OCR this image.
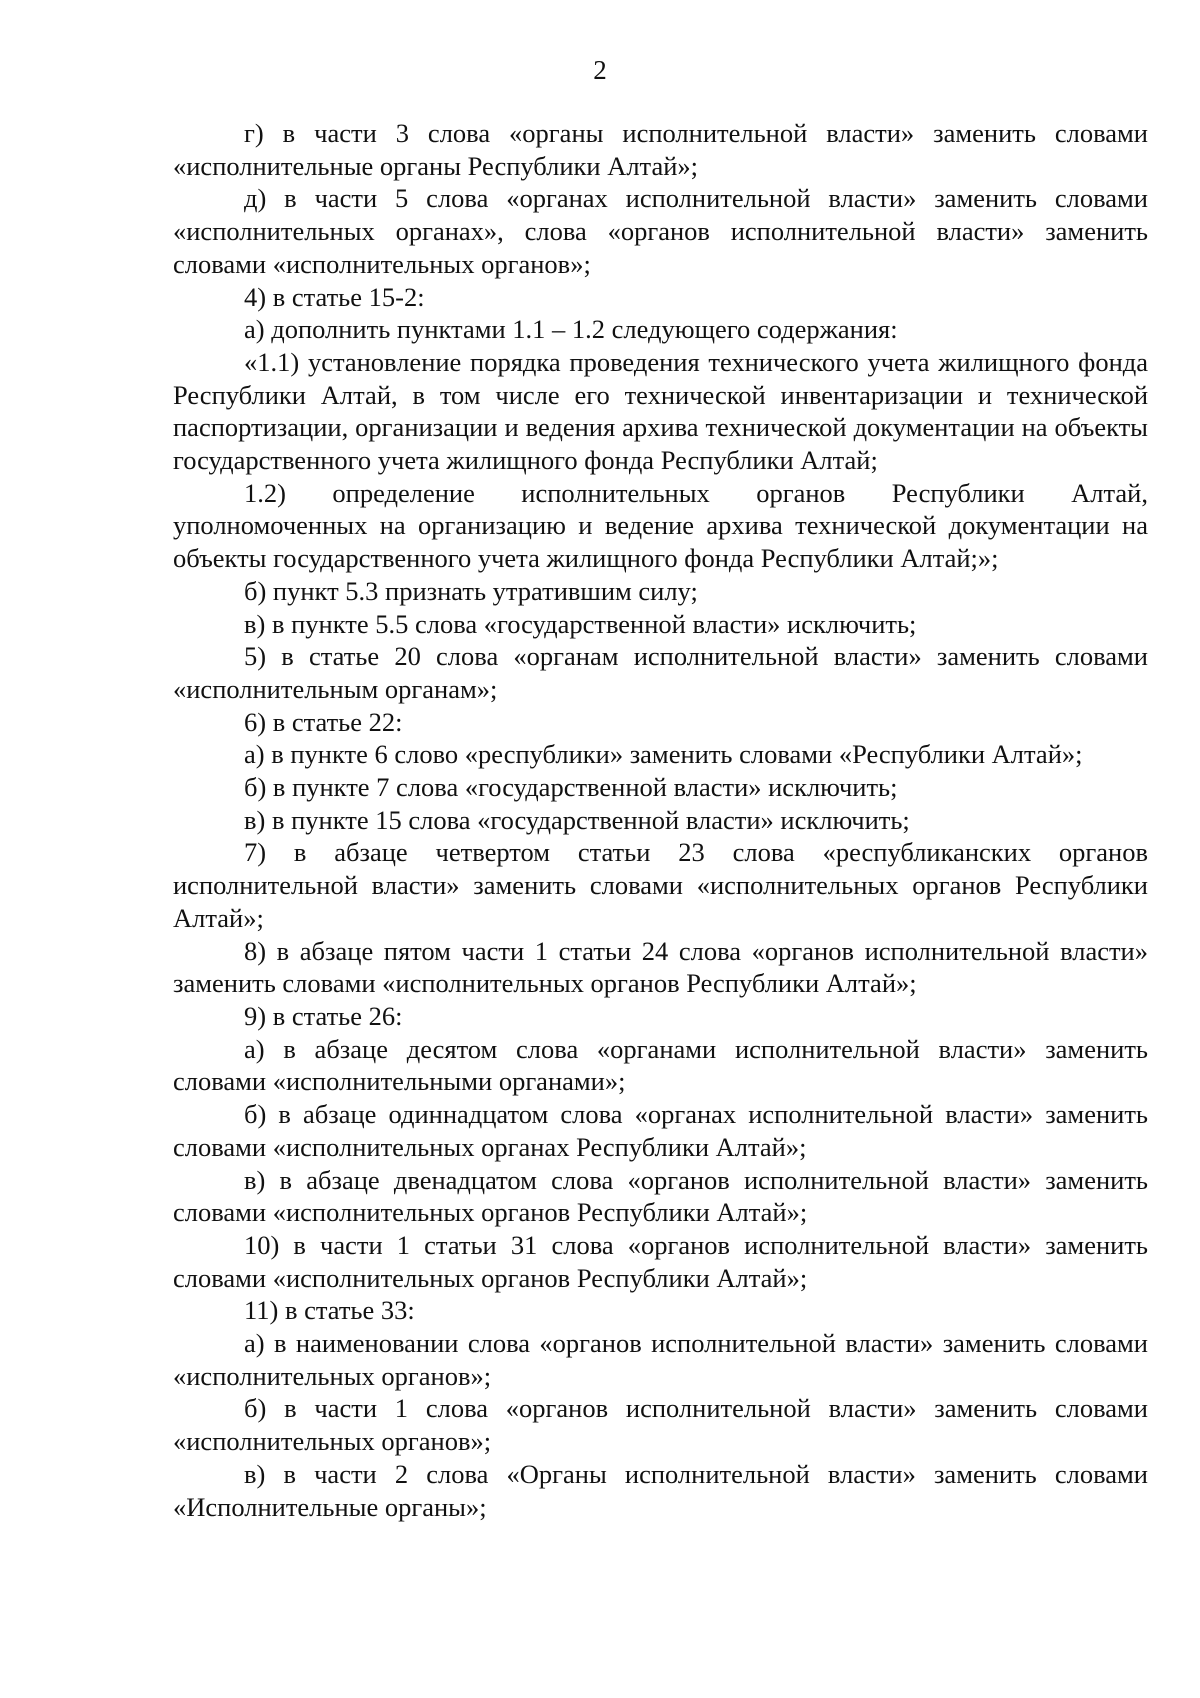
2

г) в части 3 слова «органы исполнительной власти» заменить словами «исполнительные органы Республики Алтай»;

д) в части 5 слова «органах исполнительной власти» заменить словами «исполнительных органах», слова «органов исполнительной власти» заменить словами «исполнительных органов»;

4) в статье 15-2:

а) дополнить пунктами 1.1 – 1.2 следующего содержания:

«1.1) установление порядка проведения технического учета жилищного фонда Республики Алтай, в том числе его технической инвентаризации и технической паспортизации, организации и ведения архива технической документации на объекты государственного учета жилищного фонда Республики Алтай;

1.2) определение исполнительных органов Республики Алтай, уполномоченных на организацию и ведение архива технической документации на объекты государственного учета жилищного фонда Республики Алтай;»;

б) пункт 5.3 признать утратившим силу;

в) в пункте 5.5 слова «государственной власти» исключить;

5) в статье 20 слова «органам исполнительной власти» заменить словами «исполнительным органам»;

6) в статье 22:

а) в пункте 6 слово «республики» заменить словами «Республики Алтай»;

б) в пункте 7 слова «государственной власти» исключить;

в) в пункте 15 слова «государственной власти» исключить;

7) в абзаце четвертом статьи 23 слова «республиканских органов исполнительной власти» заменить словами «исполнительных органов Республики Алтай»;

8) в абзаце пятом части 1 статьи 24 слова «органов исполнительной власти» заменить словами «исполнительных органов Республики Алтай»;

9) в статье 26:

а) в абзаце десятом слова «органами исполнительной власти» заменить словами «исполнительными органами»;

б) в абзаце одиннадцатом слова «органах исполнительной власти» заменить словами «исполнительных органах Республики Алтай»;

в) в абзаце двенадцатом слова «органов исполнительной власти» заменить словами «исполнительных органов Республики Алтай»;

10) в части 1 статьи 31 слова «органов исполнительной власти» заменить словами «исполнительных органов Республики Алтай»;

11) в статье 33:

а) в наименовании слова «органов исполнительной власти» заменить словами «исполнительных органов»;

б) в части 1 слова «органов исполнительной власти» заменить словами «исполнительных органов»;

в) в части 2 слова «Органы исполнительной власти» заменить словами «Исполнительные органы»;
